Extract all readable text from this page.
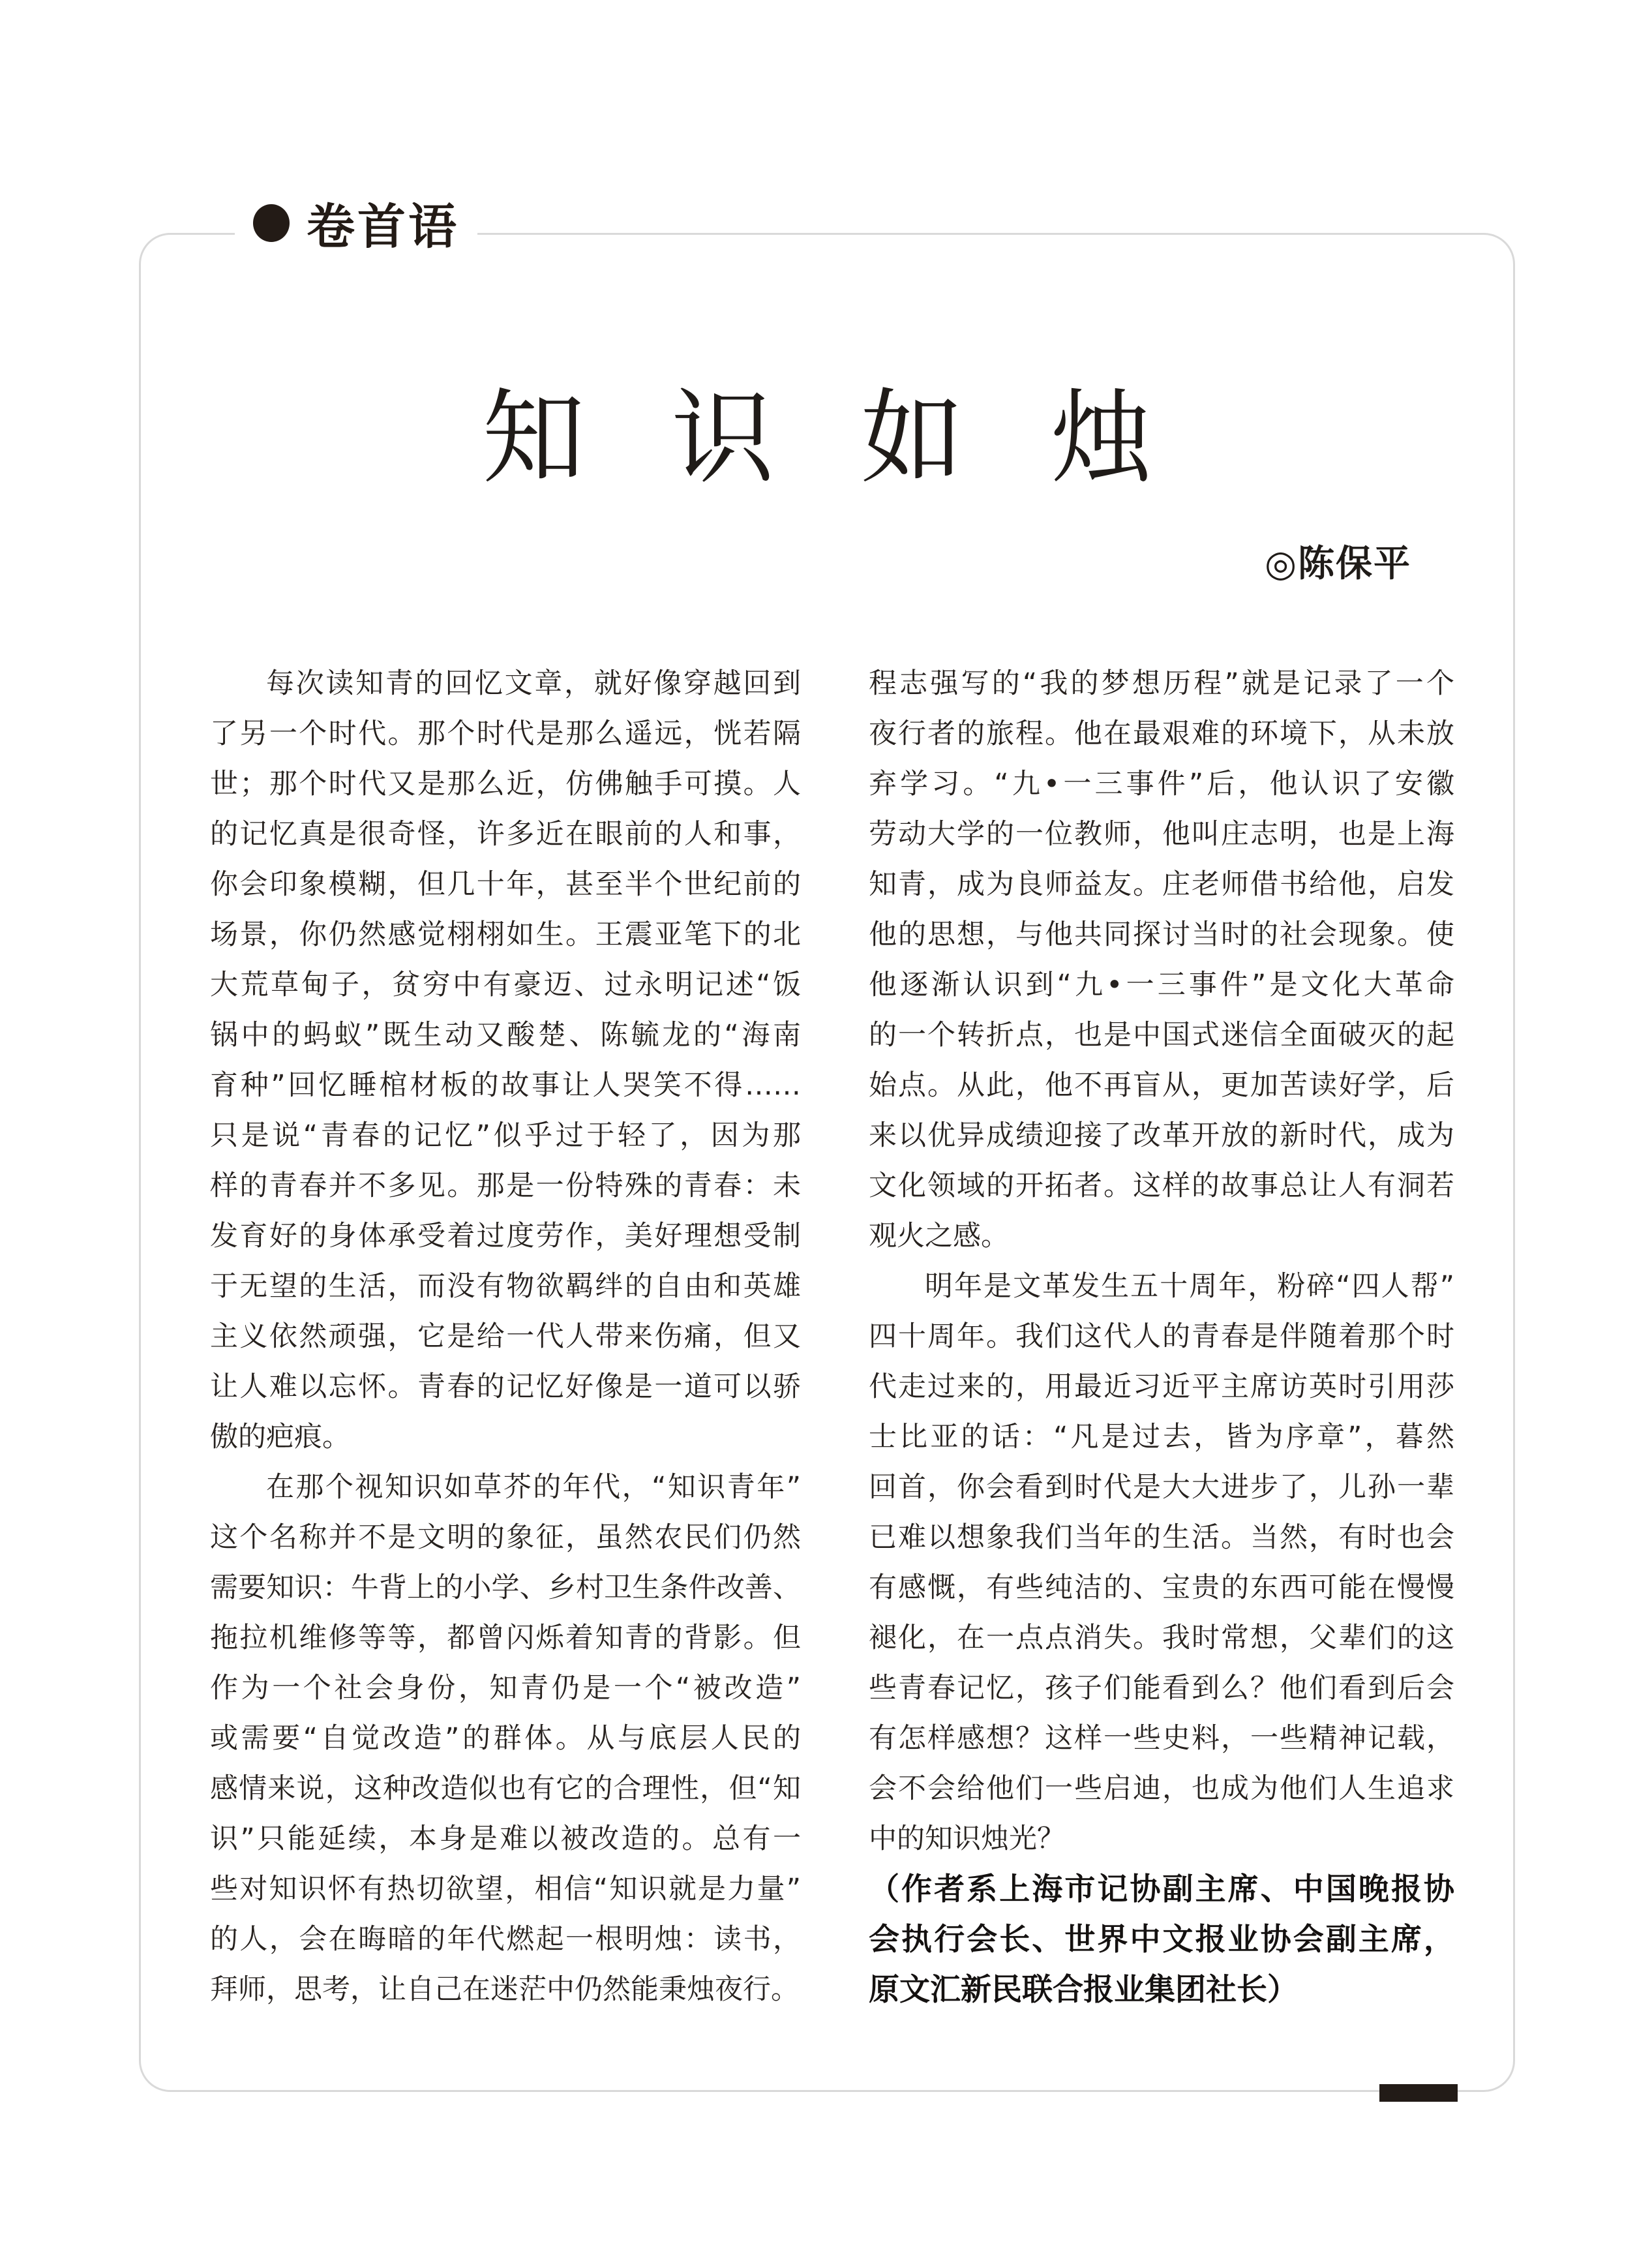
卷首语
知 识 如 烛
◎陈保平
每次读知青的回忆文章，就好像穿越回到
了另一个时代。那个时代是那么遥远，恍若隔
世；那个时代又是那么近，仿佛触手可摸。人
的记忆真是很奇怪，许多近在眼前的人和事，
你会印象模糊，但几十年，甚至半个世纪前的
场景，你仍然感觉栩栩如生。王震亚笔下的北
大荒草甸子，贫穷中有豪迈、过永明记述“饭
锅中的蚂蚁”既生动又酸楚、陈毓龙的“海南
育种”回忆睡棺材板的故事让人哭笑不得……
只是说“青春的记忆”似乎过于轻了，因为那
样的青春并不多见。那是一份特殊的青春：未
发育好的身体承受着过度劳作，美好理想受制
于无望的生活，而没有物欲羁绊的自由和英雄
主义依然顽强，它是给一代人带来伤痛，但又
让人难以忘怀。青春的记忆好像是一道可以骄
傲的疤痕。
在那个视知识如草芥的年代，“知识青年”
这个名称并不是文明的象征，虽然农民们仍然
需要知识：牛背上的小学、乡村卫生条件改善、
拖拉机维修等等，都曾闪烁着知青的背影。但
作为一个社会身份，知青仍是一个“被改造”
或需要“自觉改造”的群体。从与底层人民的
感情来说，这种改造似也有它的合理性，但“知
识”只能延续，本身是难以被改造的。总有一
些对知识怀有热切欲望，相信“知识就是力量”
的人，会在晦暗的年代燃起一根明烛：读书，
拜师，思考，让自己在迷茫中仍然能秉烛夜行。
程志强写的“我的梦想历程”就是记录了一个
夜行者的旅程。他在最艰难的环境下，从未放
弃学习。“九•一三事件”后，他认识了安徽
劳动大学的一位教师，他叫庄志明，也是上海
知青，成为良师益友。庄老师借书给他，启发
他的思想，与他共同探讨当时的社会现象。使
他逐渐认识到“九•一三事件”是文化大革命
的一个转折点，也是中国式迷信全面破灭的起
始点。从此，他不再盲从，更加苦读好学，后
来以优异成绩迎接了改革开放的新时代，成为
文化领域的开拓者。这样的故事总让人有洞若
观火之感。
明年是文革发生五十周年，粉碎“四人帮”
四十周年。我们这代人的青春是伴随着那个时
代走过来的，用最近习近平主席访英时引用莎
士比亚的话：“凡是过去，皆为序章”，暮然
回首，你会看到时代是大大进步了，儿孙一辈
已难以想象我们当年的生活。当然，有时也会
有感慨，有些纯洁的、宝贵的东西可能在慢慢
褪化，在一点点消失。我时常想，父辈们的这
些青春记忆，孩子们能看到么？他们看到后会
有怎样感想？这样一些史料，一些精神记载，
会不会给他们一些启迪，也成为他们人生追求
中的知识烛光？
（作者系上海市记协副主席、中国晚报协
会执行会长、世界中文报业协会副主席，
原文汇新民联合报业集团社长）
